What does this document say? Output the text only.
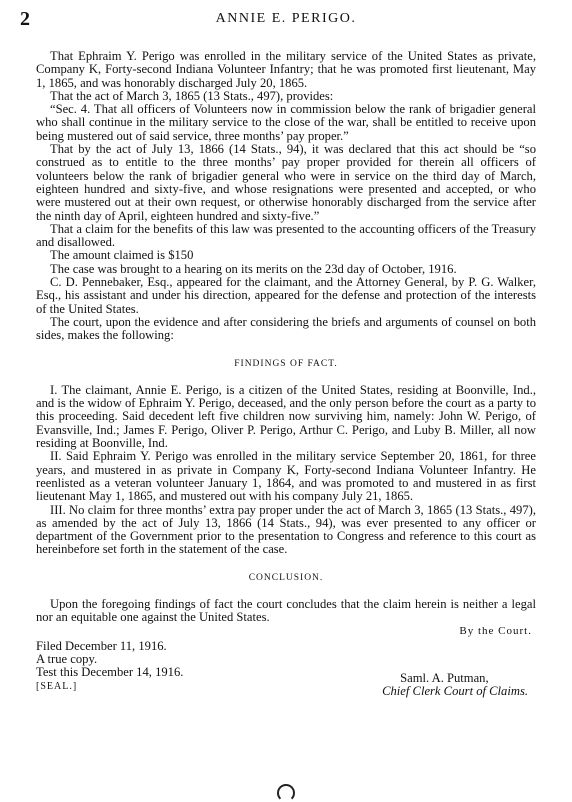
2	ANNIE E. PERIGO.

That Ephraim Y. Perigo was enrolled in the military service of the United States as private, Company K, Forty-second Indiana Volunteer Infantry; that he was promoted first lieutenant, May 1, 1865, and was honorably discharged July 20, 1865.

That the act of March 3, 1865 (13 Stats., 497), provides:

“Sec. 4. That all officers of Volunteers now in commission below the rank of brigadier general who shall continue in the military service to the close of the war, shall be entitled to receive upon being mustered out of said service, three months’ pay proper.”

That by the act of July 13, 1866 (14 Stats., 94), it was declared that this act should be “so construed as to entitle to the three months’ pay proper provided for therein all officers of volunteers below the rank of brigadier general who were in service on the third day of March, eighteen hundred and sixty-five, and whose resignations were presented and accepted, or who were mustered out at their own request, or otherwise honorably discharged from the service after the ninth day of April, eighteen hundred and sixty-five.”

That a claim for the benefits of this law was presented to the accounting officers of the Treasury and disallowed.

The amount claimed is $150

The case was brought to a hearing on its merits on the 23d day of October, 1916.

C. D. Pennebaker, Esq., appeared for the claimant, and the Attorney General, by P. G. Walker, Esq., his assistant and under his direction, appeared for the defense and protection of the interests of the United States.

The court, upon the evidence and after considering the briefs and arguments of counsel on both sides, makes the following:

FINDINGS OF FACT.

I. The claimant, Annie E. Perigo, is a citizen of the United States, residing at Boonville, Ind., and is the widow of Ephraim Y. Perigo, deceased, and the only person before the court as a party to this proceeding. Said decedent left five children now surviving him, namely: John W. Perigo, of Evansville, Ind.; James F. Perigo, Oliver P. Perigo, Arthur C. Perigo, and Luby B. Miller, all now residing at Boonville, Ind.

II. Said Ephraim Y. Perigo was enrolled in the military service September 20, 1861, for three years, and mustered in as private in Company K, Forty-second Indiana Volunteer Infantry. He reenlisted as a veteran volunteer January 1, 1864, and was promoted to and mustered in as first lieutenant May 1, 1865, and mustered out with his company July 21, 1865.

III. No claim for three months’ extra pay proper under the act of March 3, 1865 (13 Stats., 497), as amended by the act of July 13, 1866 (14 Stats., 94), was ever presented to any officer or department of the Government prior to the presentation to Congress and reference to this court as hereinbefore set forth in the statement of the case.

CONCLUSION.

Upon the foregoing findings of fact the court concludes that the claim herein is neither a legal nor an equitable one against the United States.

By the Court.
Filed December 11, 1916.
A true copy.
Test this December 14, 1916.
[SEAL.]
Saml. A. Putman,
Chief Clerk Court of Claims.
